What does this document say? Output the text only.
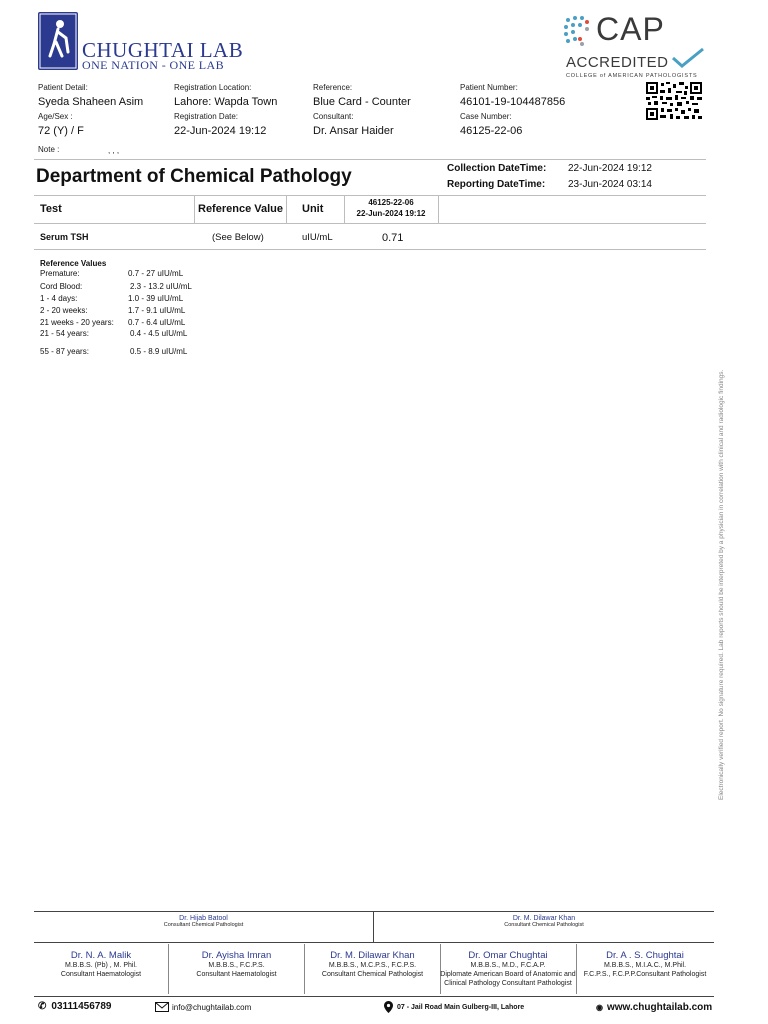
CHUGHTAI LAB
ONE NATION - ONE LAB
CAP
ACCREDITED
COLLEGE of AMERICAN PATHOLOGISTS
Patient Detail:
Syeda Shaheen Asim
Age/Sex :
72 (Y) / F
Note :	, , ,
Registration Location:
Lahore: Wapda Town
Registration Date:
22-Jun-2024 19:12
Reference:
Blue Card - Counter
Consultant:
Dr. Ansar Haider
Patient Number:
46101-19-104487856
Case Number:
46125-22-06
Department of Chemical Pathology	Collection DateTime: 22-Jun-2024 19:12
Reporting DateTime: 23-Jun-2024 03:14
Test	Reference Value Unit
46125-22-06
22-Jun-2024 19:12
Serum TSH	(See Below)	uIU/mL	0.71
Reference Values
Premature:	0.7 - 27 uIU/mL
Cord Blood:	2.3 - 13.2 uIU/mL
1 - 4 days:	1.0 - 39 uIU/mL
2 - 20 weeks:	1.7 - 9.1 uIU/mL
21 weeks - 20 years: 0.7 - 6.4 uIU/mL
21 - 54 years:	0.4 - 4.5 uIU/mL
55 - 87 years:	0.5 - 8.9 uIU/mL
Electronically verified report. No signature required. Lab reports should be interpreted by a physician in correlation with clinical and radiologic findings.
Dr. Hijab Batool
Consultant Chemical Pathologist
Dr. M. Dilawar Khan
Consultant Chemical Pathologist
Dr. N. A. Malik
M.B.B.S. (Pb) , M. Phil.
Consultant Haematologist
Dr. Ayisha Imran
M.B.B.S., F.C.P.S.
Consultant Haematologist
Dr. M. Dilawar Khan
M.B.B.S., M.C.P.S., F.C.P.S.
Consultant Chemical Pathologist
Dr. Omar Chughtai
M.B.B.S., M.D., F.C.A.P.
Diplomate American Board of Anatomic and Clinical Pathology Consultant Pathologist
Dr. A . S. Chughtai
M.B.B.S., M.I.A.C., M.Phil.
F.C.P.S., F.C.P.P.Consultant Pathologist
✆ 03111456789	info@chughtailab.com	07 - Jail Road Main Gulberg-III, Lahore	◉ www.chughtailab.com
